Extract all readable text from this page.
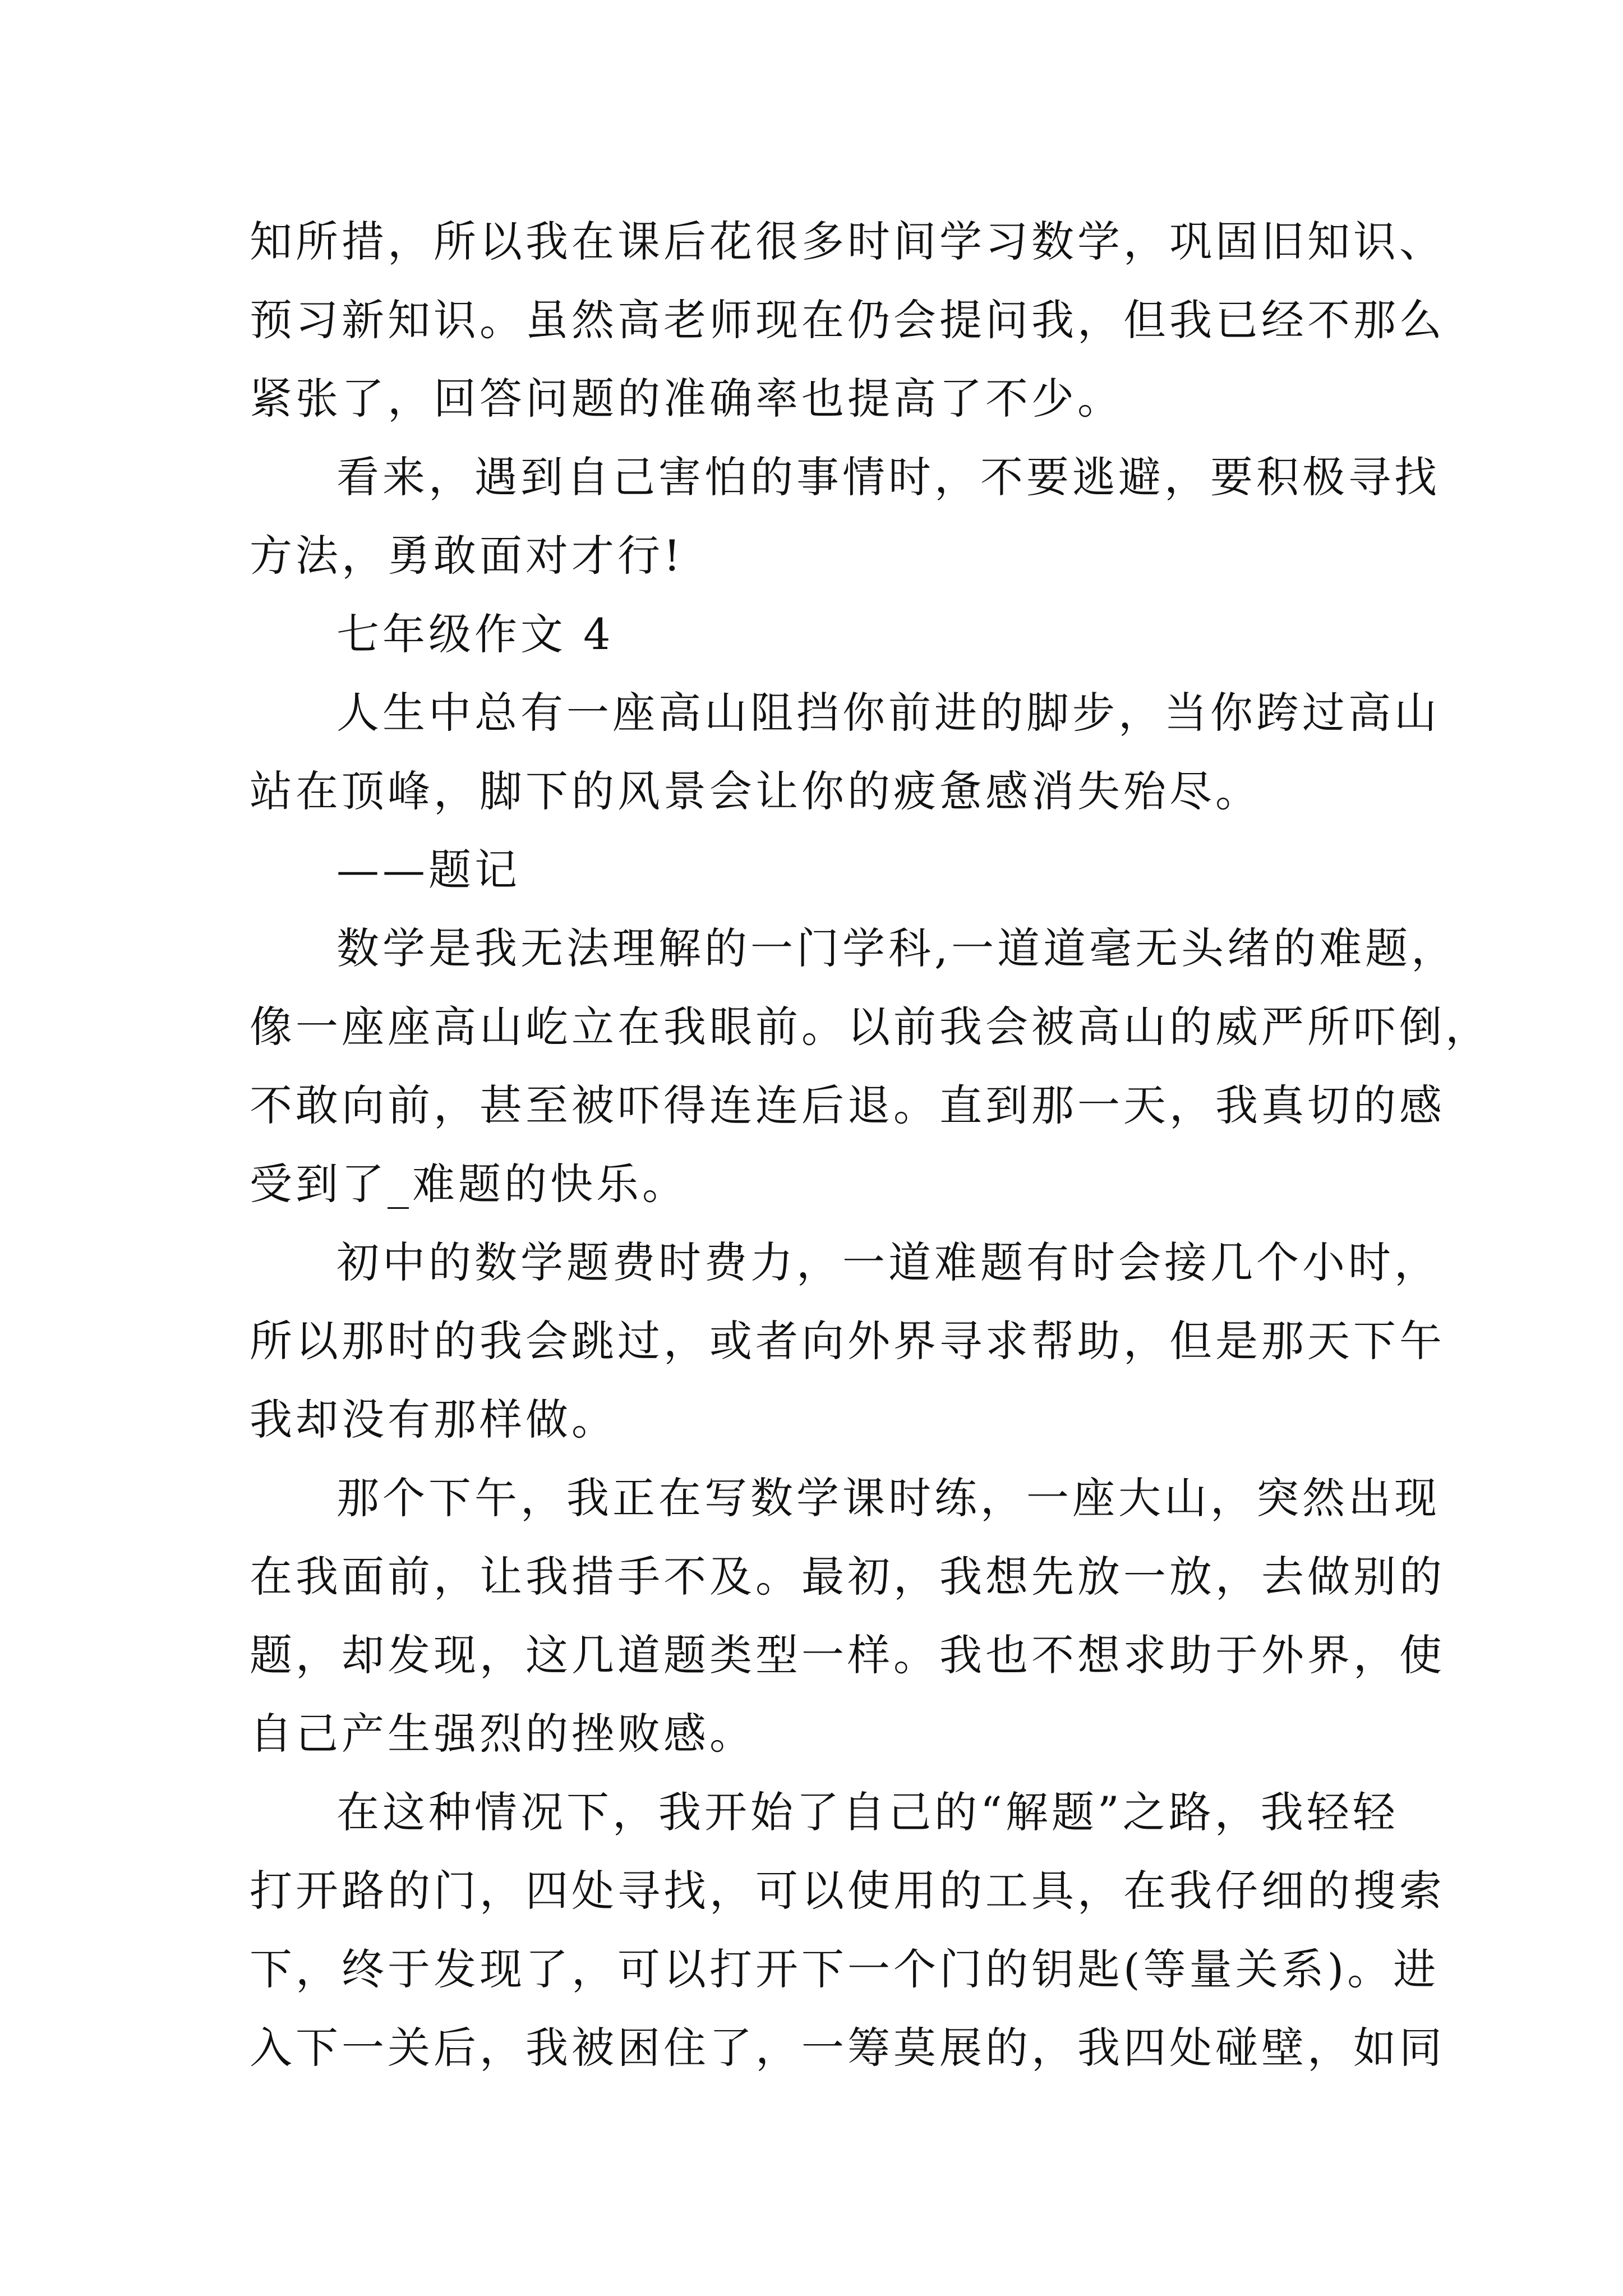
知所措，所以我在课后花很多时间学习数学，巩固旧知识、
预习新知识。虽然高老师现在仍会提问我，但我已经不那么
紧张了，回答问题的准确率也提高了不少。
看来，遇到自己害怕的事情时，不要逃避，要积极寻找
方法，勇敢面对才行!
七年级作文 4
人生中总有一座高山阻挡你前进的脚步，当你跨过高山
站在顶峰，脚下的风景会让你的疲惫感消失殆尽。
——题记
数学是我无法理解的一门学科,一道道毫无头绪的难题，
像一座座高山屹立在我眼前。以前我会被高山的威严所吓倒，
不敢向前，甚至被吓得连连后退。直到那一天，我真切的感
受到了_难题的快乐。
初中的数学题费时费力，一道难题有时会接几个小时，
所以那时的我会跳过，或者向外界寻求帮助，但是那天下午
我却没有那样做。
那个下午，我正在写数学课时练，一座大山，突然出现
在我面前，让我措手不及。最初，我想先放一放，去做别的
题，却发现，这几道题类型一样。我也不想求助于外界，使
自己产生强烈的挫败感。
在这种情况下，我开始了自己的“解题”之路，我轻轻
打开路的门，四处寻找，可以使用的工具，在我仔细的搜索
下，终于发现了，可以打开下一个门的钥匙(等量关系)。进
入下一关后，我被困住了，一筹莫展的，我四处碰壁，如同
